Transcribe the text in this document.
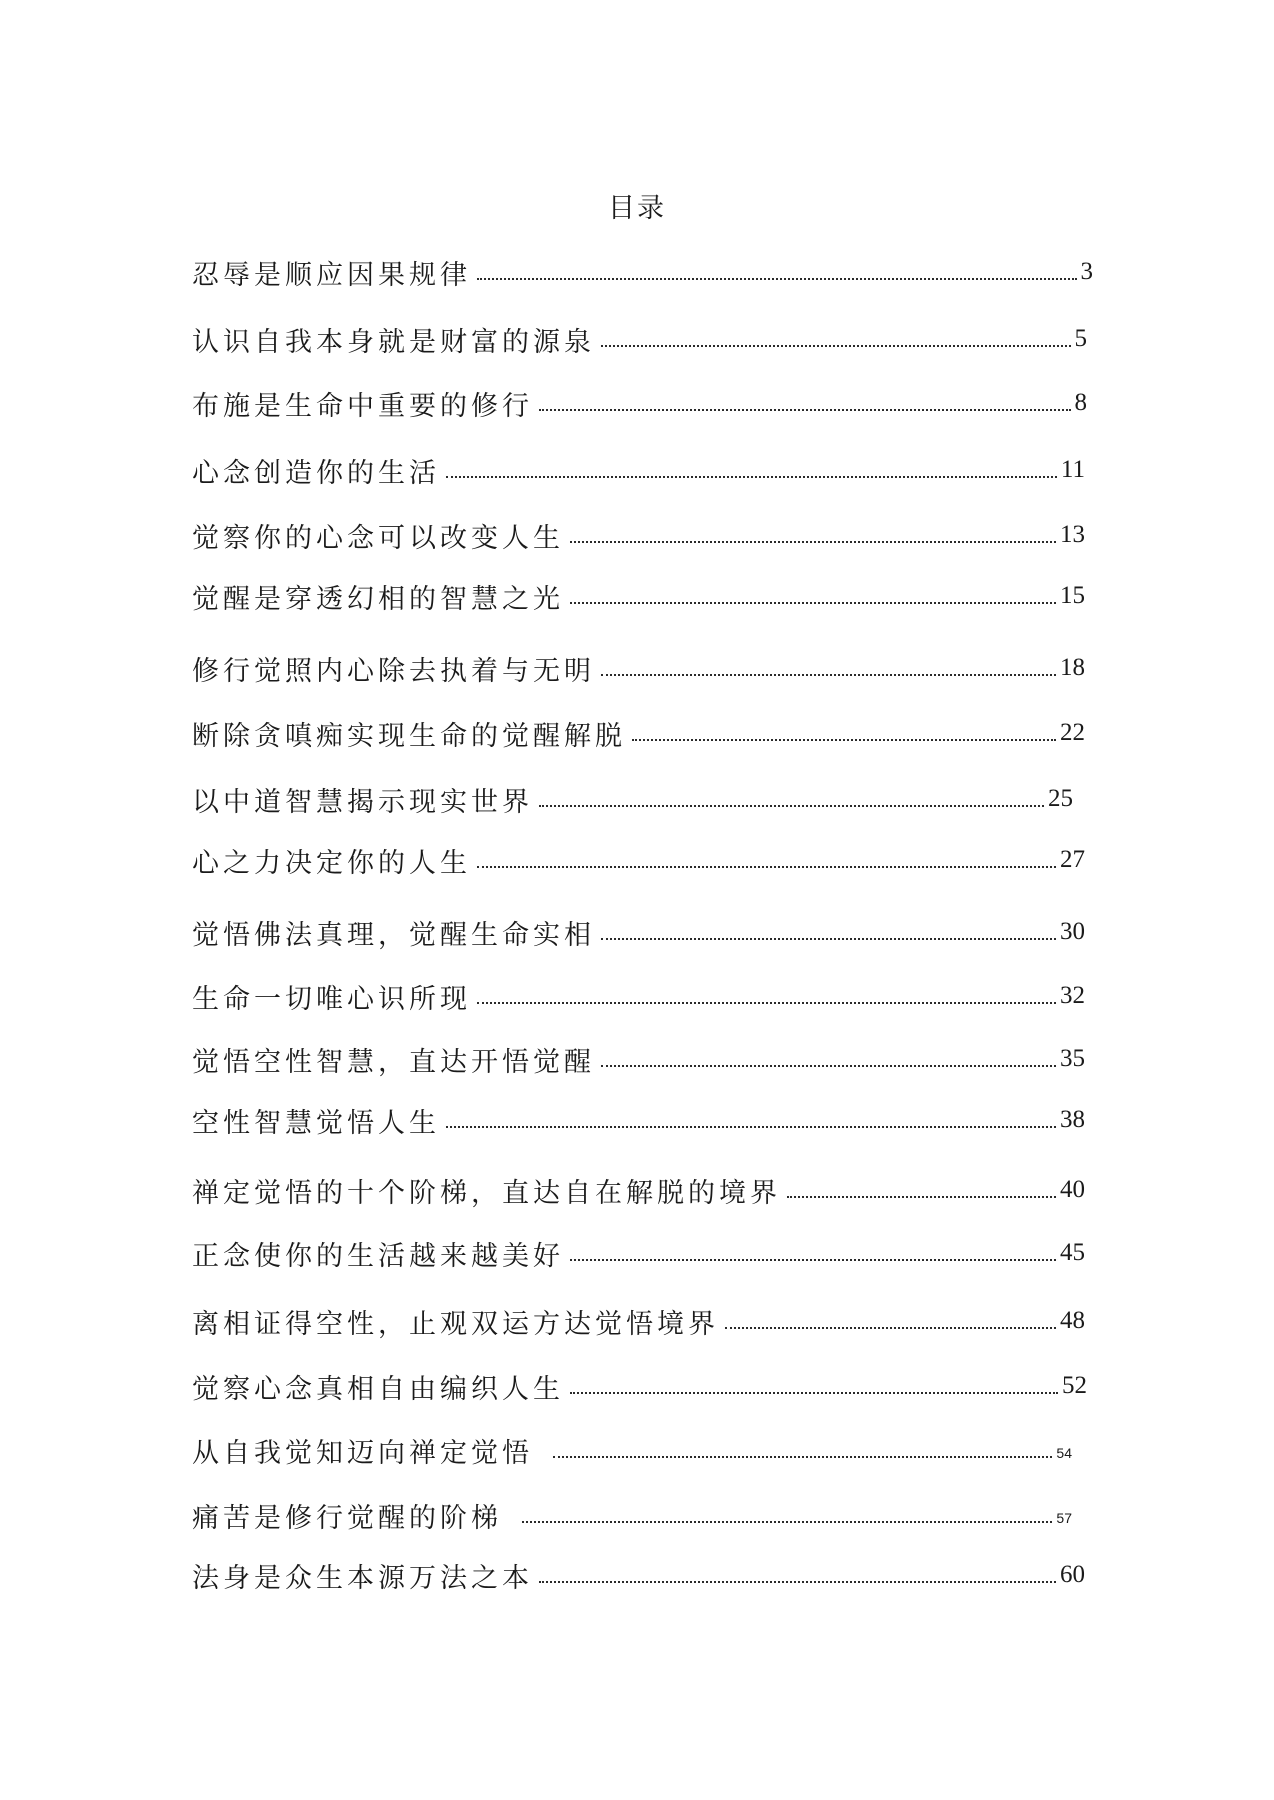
目录
忍辱是顺应因果规律	3
认识自我本身就是财富的源泉	5
布施是生命中重要的修行	8
心念创造你的生活	11
觉察你的心念可以改变人生	13
觉醒是穿透幻相的智慧之光	15
修行觉照内心除去执着与无明	18
断除贪嗔痴实现生命的觉醒解脱	22
以中道智慧揭示现实世界	25
心之力决定你的人生	27
觉悟佛法真理，觉醒生命实相	30
生命一切唯心识所现	32
觉悟空性智慧，直达开悟觉醒	35
空性智慧觉悟人生	38
禅定觉悟的十个阶梯，直达自在解脱的境界	40
正念使你的生活越来越美好	45
离相证得空性，止观双运方达觉悟境界	48
觉察心念真相自由编织人生	52
从自我觉知迈向禅定觉悟	54
痛苦是修行觉醒的阶梯	57
法身是众生本源万法之本	60
